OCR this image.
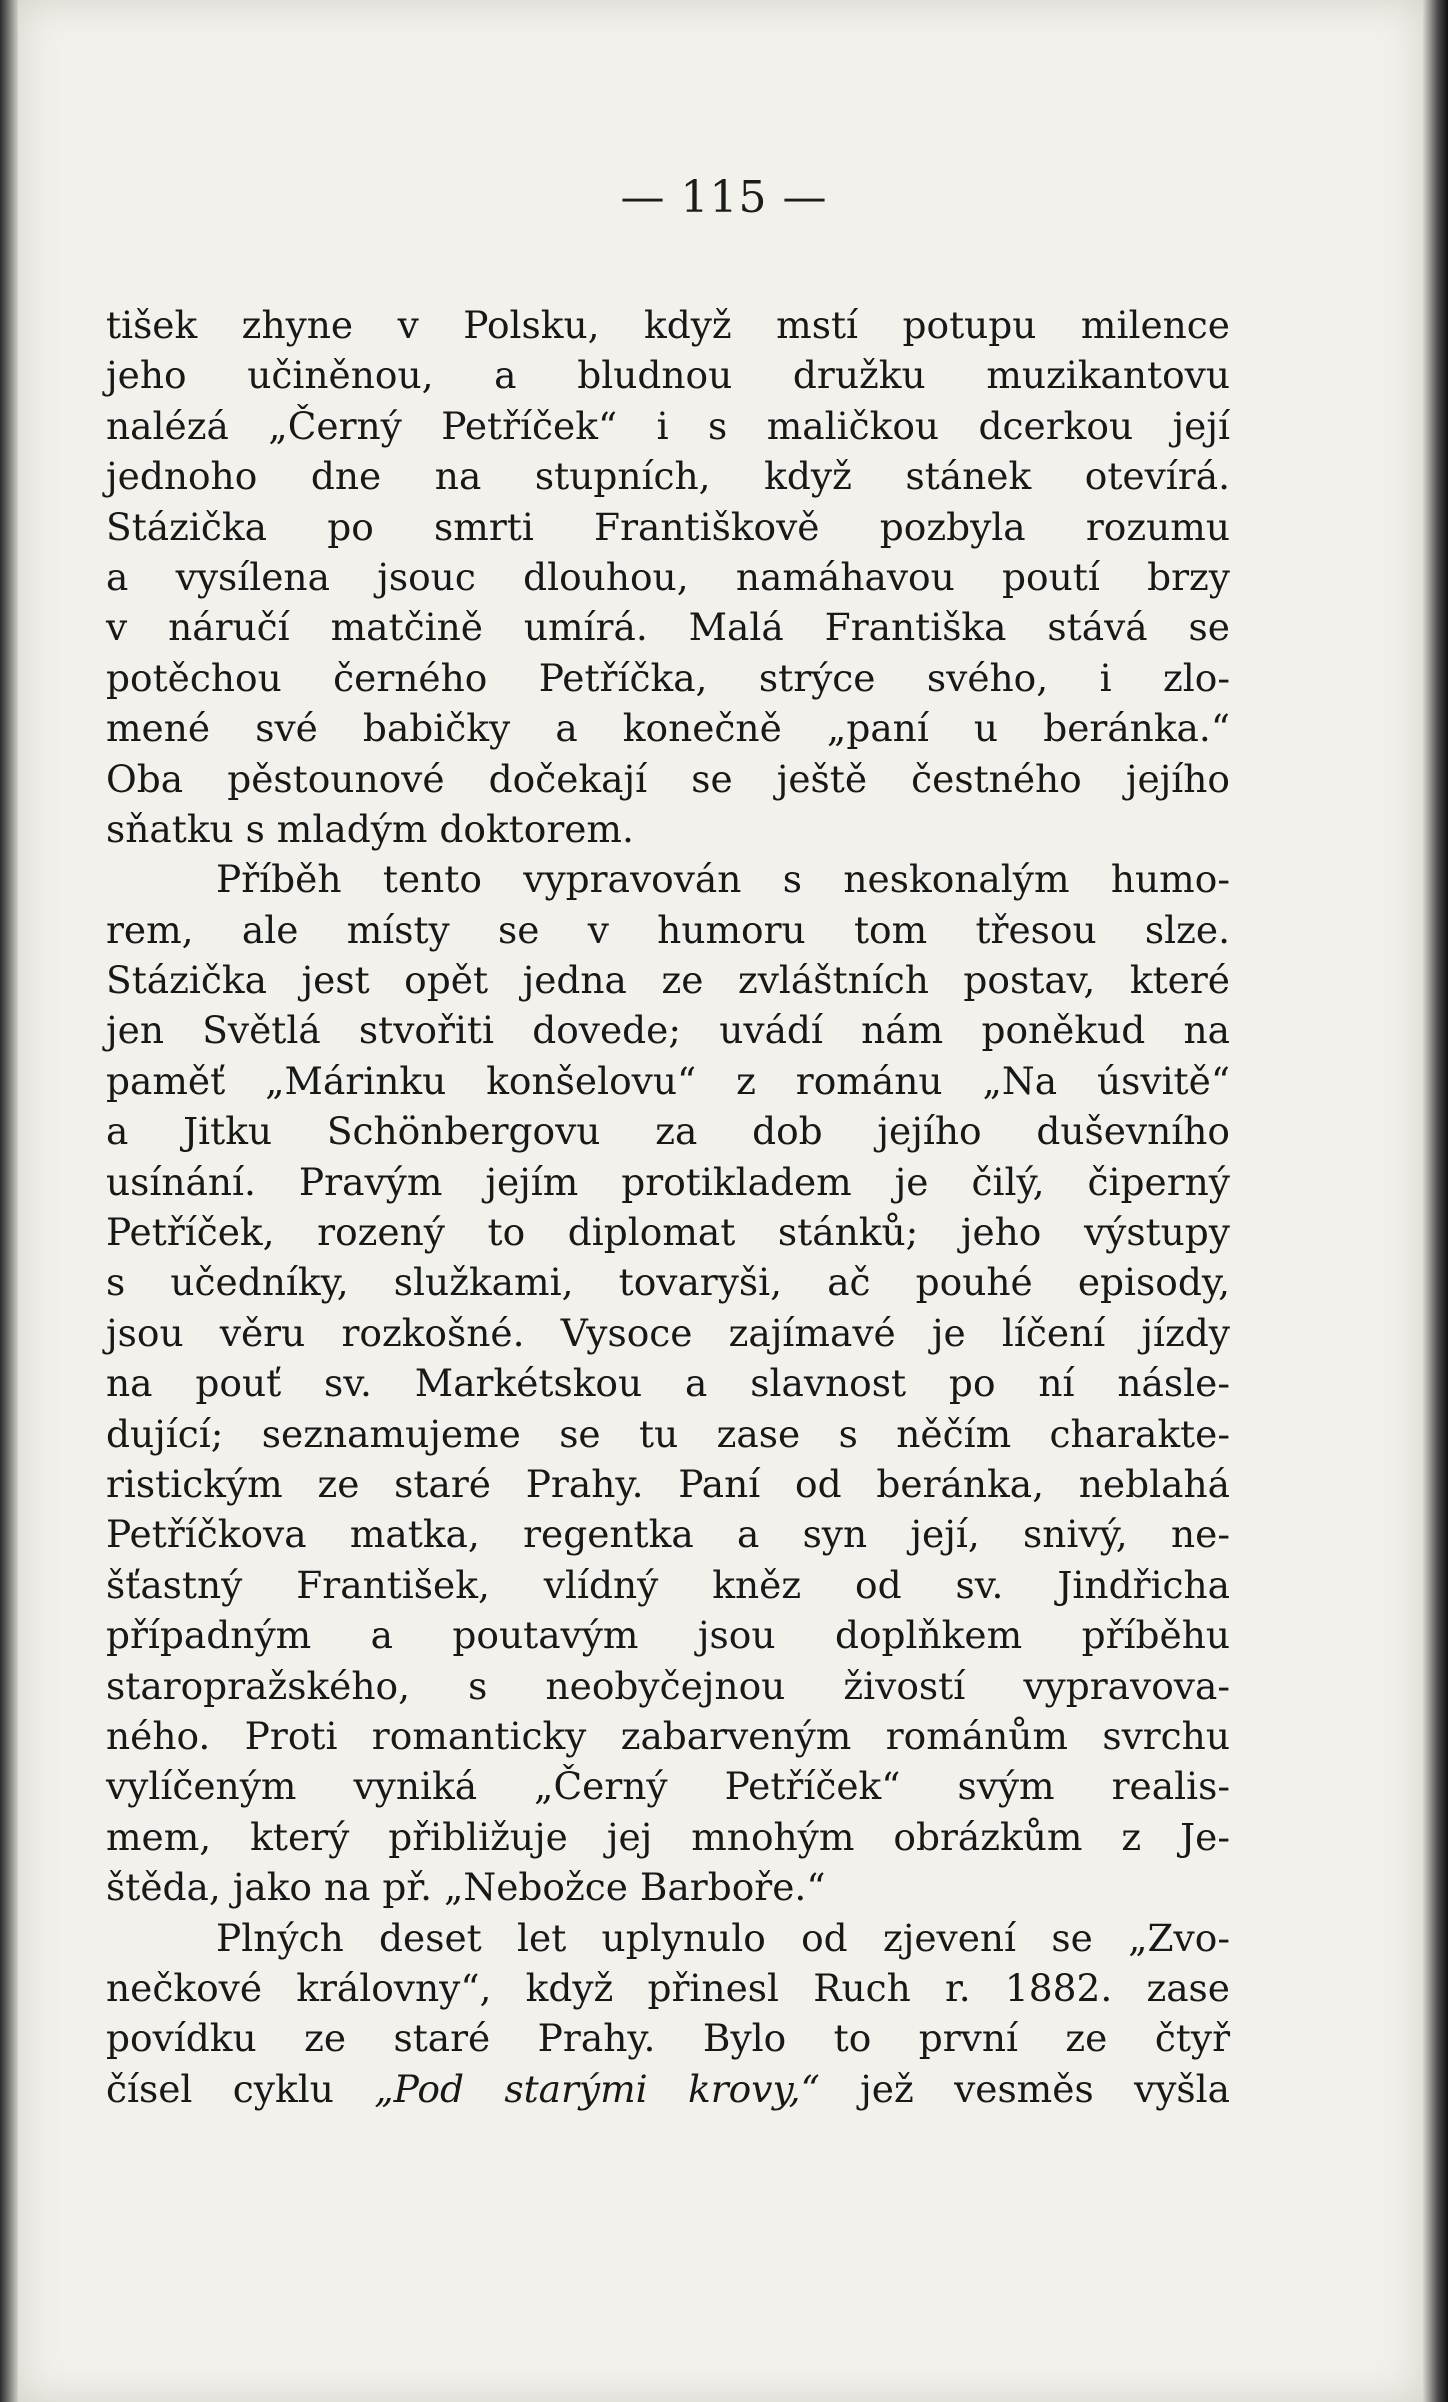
— 115 —
tišek zhyne v Polsku, když mstí potupu milence
jeho učiněnou, a bludnou družku muzikantovu
nalézá „Černý Petříček“ i s maličkou dcerkou její
jednoho dne na stupních, když stánek otevírá.
Stázička po smrti Františkově pozbyla rozumu
a vysílena jsouc dlouhou, namáhavou poutí brzy
v náručí matčině umírá. Malá Františka stává se
potěchou černého Petříčka, strýce svého, i zlo-
mené své babičky a konečně „paní u beránka.“
Oba pěstounové dočekají se ještě čestného jejího
sňatku s mladým doktorem.
Příběh tento vypravován s neskonalým humo-
rem, ale místy se v humoru tom třesou slze.
Stázička jest opět jedna ze zvláštních postav, které
jen Světlá stvořiti dovede; uvádí nám poněkud na
paměť „Márinku konšelovu“ z románu „Na úsvitě“
a Jitku Schönbergovu za dob jejího duševního
usínání. Pravým jejím protikladem je čilý, čiperný
Petříček, rozený to diplomat stánků; jeho výstupy
s učedníky, služkami, tovaryši, ač pouhé episody,
jsou věru rozkošné. Vysoce zajímavé je líčení jízdy
na pouť sv. Markétskou a slavnost po ní násle-
dující; seznamujeme se tu zase s něčím charakte-
ristickým ze staré Prahy. Paní od beránka, neblahá
Petříčkova matka, regentka a syn její, snivý, ne-
šťastný František, vlídný kněz od sv. Jindřicha
případným a poutavým jsou doplňkem příběhu
staropražského, s neobyčejnou živostí vypravova-
ného. Proti romanticky zabarveným románům svrchu
vylíčeným vyniká „Černý Petříček“ svým realis-
mem, který přibližuje jej mnohým obrázkům z Je-
štěda, jako na př. „Nebožce Barboře.“
Plných deset let uplynulo od zjevení se „Zvo-
nečkové královny“, když přinesl Ruch r. 1882. zase
povídku ze staré Prahy. Bylo to první ze čtyř
čísel cyklu „Pod starými krovy,“ jež vesměs vyšla
